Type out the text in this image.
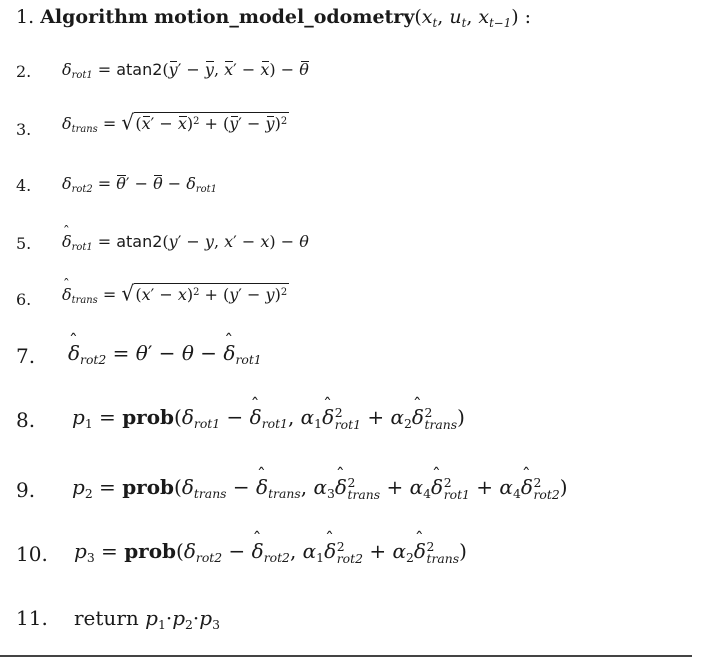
1. Algorithm $motion\_model\_odometry(x_t$, $u_t$, $x_{t-1}$) :
2. $\delta_{rot1} = atan2(y' - y$, x′ − x) − θ
3. $\delta_{trans}$ = √ $(x' - x)^2 + (y' - y)^2$
4. $\delta_{rot2} = \theta' - \theta - \delta_{rot1}$
5. ˆ $\delta_{rot1} = atan2(y' - y$, x′ − x) − θ
6. ˆ $\delta_{trans}$ = √ $(x' - x)^2 + (y' - y)^2$
7. ˆ $\delta_{rot2} = \theta' - \theta$ − ˆ $\delta_{rot1}$
8. $p_1$ = $prob(\delta_{rot1}$ − ˆ $\delta_{rot1}$, $\alpha_1ˆ$ δ 2
$rot1 + \alpha_2ˆ$ δ 2
trans )
9. $p_2$ = $prob(\delta_{trans}$ − ˆ $\delta_{trans}$, $\alpha_3ˆ$ δ 2
trans + $\alpha_4ˆ$ δ 2
$rot1 + \alpha_4ˆ$ δ 2
rot2 )
10. $p_3$ = $prob(\delta_{rot2}$ − ˆ $\delta_{rot2}$, $\alpha_1ˆ$ δ 2
$rot2 + \alpha_2ˆ$ δ 2
trans )
11. return $p_1\cdot p_2\cdot p_3$
